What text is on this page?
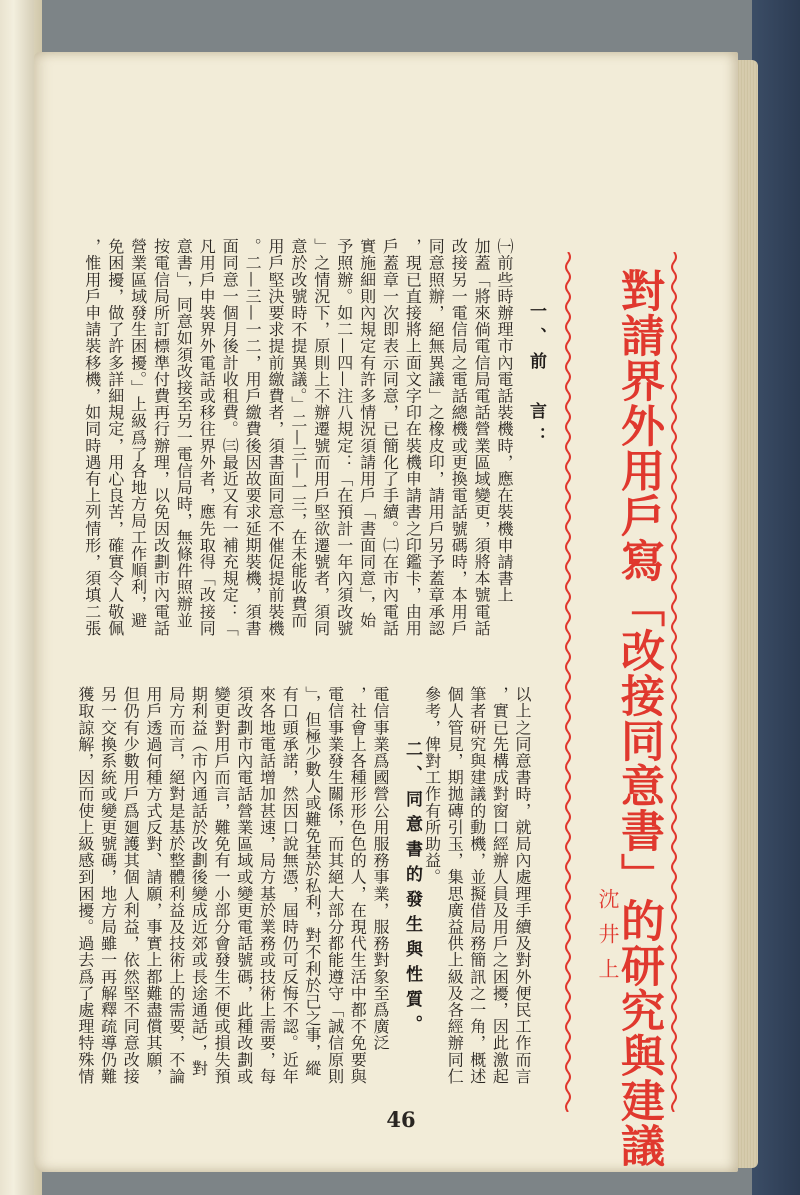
對請界外用戶寫「改接同意書」的研究與建議
沈井上
一、前　言：
㈠前些時辦理市內電話裝機時，應在裝機申請書上
加蓋「將來倘電信局電話營業區域變更，須將本號電話
改接另一電信局之電話總機或更換電話號碼時，本用戶
同意照辦，絕無異議」之橡皮印，請用戶另予蓋章承認
，現已直接將上面文字印在裝機申請書之印鑑卡，由用
戶蓋章一次即表示同意，已簡化了手續。㈡在市內電話
實施細則內規定有許多情況須請用戶「書面同意」，始
予照辦。如二—四—注八規定：「在預計一年內須改號
」之情況下，原則上不辦遷號而用戶堅欲遷號者，須同
意於改號時不提異議。」二—三—一三，在未能收費而
用戶堅決要求提前繳費者，須書面同意不催促提前裝機
。二—三—一二，用戶繳費後因故要求延期裝機，須書
面同意一個月後計收租費。㈢最近又有一補充規定：「
凡用戶申裝界外電話或移往界外者，應先取得「改接同
意書」，同意如須改接至另一電信局時，無條件照辦並
按電信局所訂標準付費再行辦理，以免因改劃市內電話
營業區域發生困擾。」上級爲了各地方局工作順利，避
免困擾，做了許多詳細規定，用心良苦，確實令人敬佩
，惟用戶申請裝移機，如同時遇有上列情形，須填二張
以上之同意書時，就局內處理手續及對外便民工作而言
，實已先構成對窗口經辦人員及用戶之困擾，因此激起
筆者研究與建議的動機，並擬借局務簡訊之一角，概述
個人管見，期拋磚引玉，集思廣益供上級及各經辦同仁
參考，俾對工作有所助益。
二、同意書的發生與性質。
電信事業爲國營公用服務事業，服務對象至爲廣泛
，社會上各種形形色色的人，在現代生活中都不免要與
電信事業發生關係，而其絕大部分都能遵守「誠信原則
」，但極少數人或難免基於私利，對不利於己之事，縱
有口頭承諾，然因口說無憑，屆時仍可反悔不認。近年
來各地電話增加甚速，局方基於業務或技術上需要，每
須改劃市內電話營業區域或變更電話號碼，此種改劃或
變更對用戶而言，難免有一小部分會發生不便或損失預
期利益（市內通話於改劃後變成近郊或長途通話），對
局方而言，絕對是基於整體利益及技術上的需要，不論
用戶透過何種方式反對、請願，事實上都難盡償其願，
但仍有少數用戶爲廻護其個人利益，依然堅不同意改接
另一交換系統或變更號碼，地方局雖一再解釋疏導仍難
獲取諒解，因而使上級感到困擾。過去爲了處理特殊情
46
